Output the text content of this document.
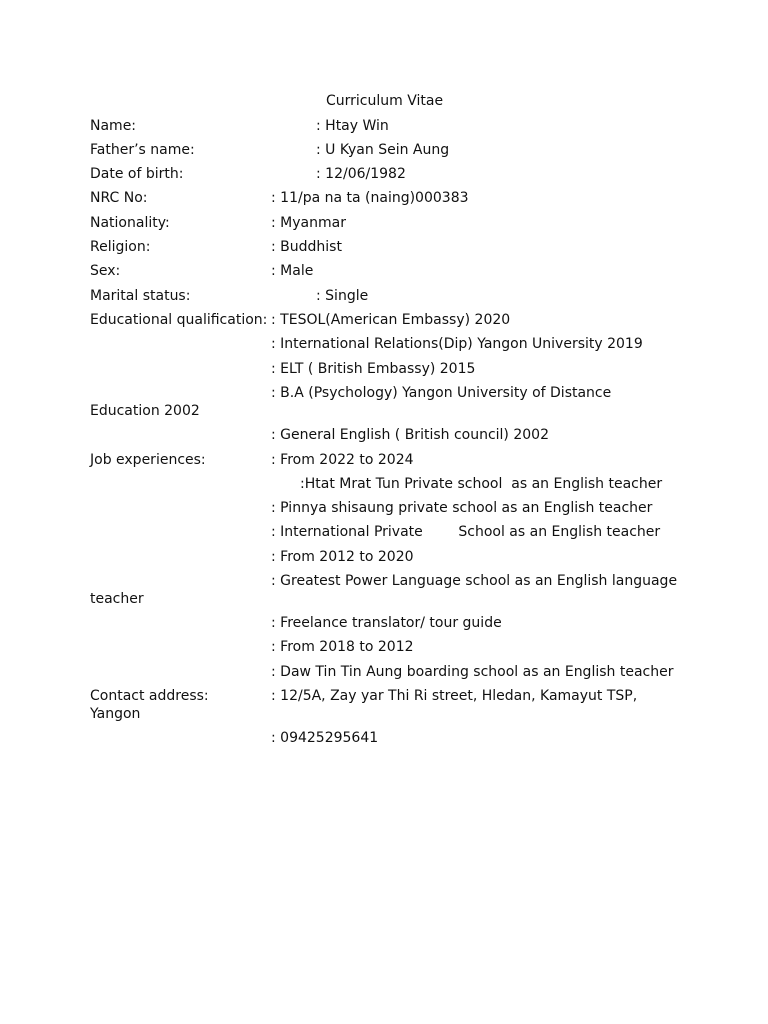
Curriculum Vitae
Name:	: Htay Win
Father’s name:	: U Kyan Sein Aung
Date of birth:	: 12/06/1982
NRC No:	: 11/pa na ta (naing)000383
Nationality:	: Myanmar
Religion:	: Buddhist
Sex:	: Male
Marital status:	: Single
Educational qualification: : TESOL(American Embassy) 2020
: International Relations(Dip) Yangon University 2019
: ELT ( British Embassy) 2015
: B.A (Psychology) Yangon University of Distance
Education 2002
: General English ( British council) 2002
Job experiences:	: From 2022 to 2024
:Htat Mrat Tun Private school  as an English teacher
: Pinnya shisaung private school as an English teacher
: International Private        School as an English teacher
: From 2012 to 2020
: Greatest Power Language school as an English language
teacher
: Freelance translator/ tour guide
: From 2018 to 2012
: Daw Tin Tin Aung boarding school as an English teacher
Contact address:	: 12/5A, Zay yar Thi Ri street, Hledan, Kamayut TSP,
Yangon
: 09425295641
